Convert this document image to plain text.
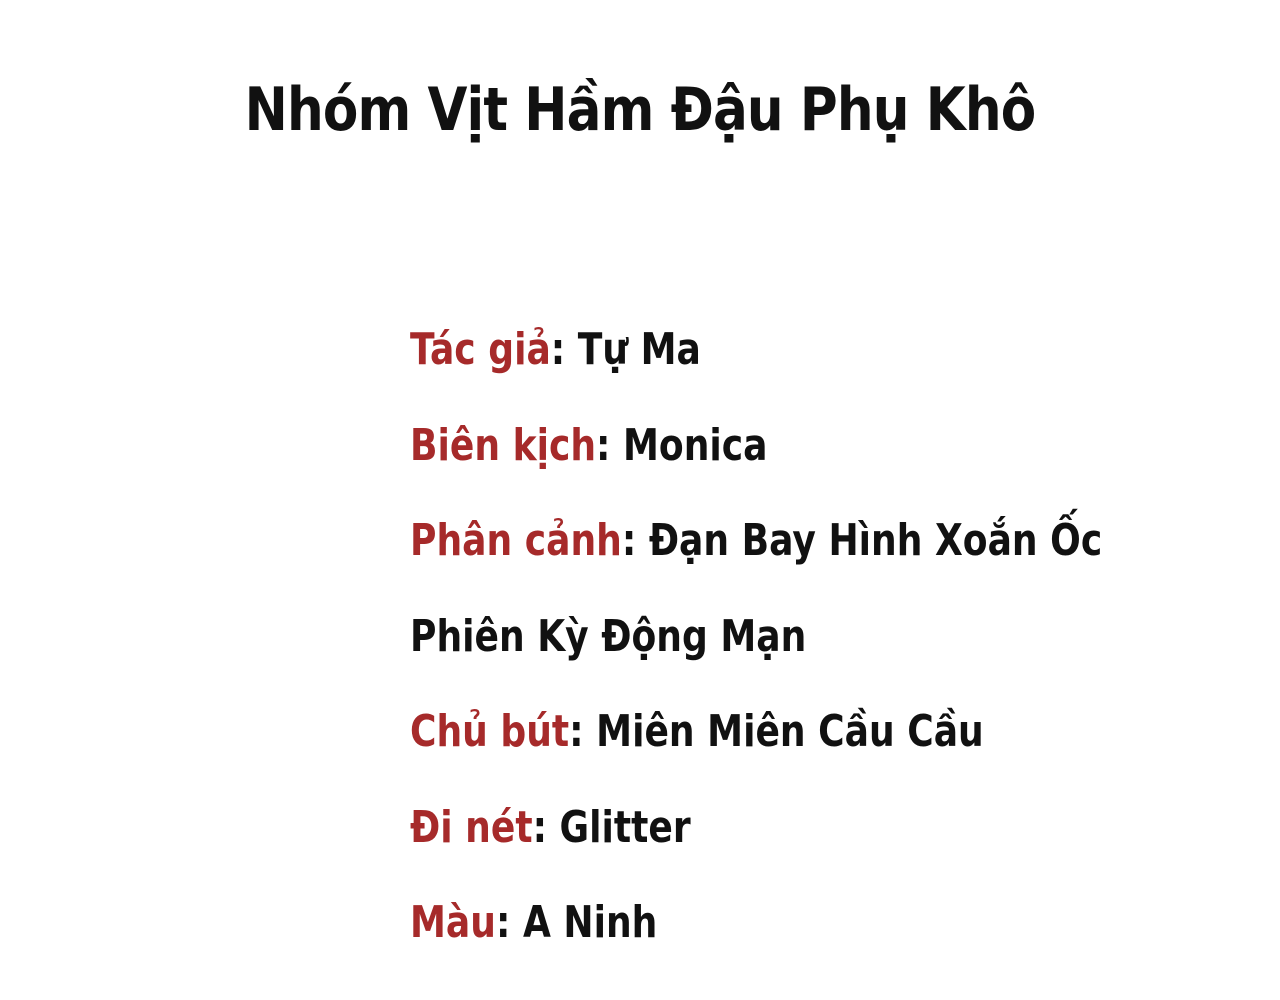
Nhóm Vịt Hầm Đậu Phụ Khô
Tác giả: Tự Ma
Biên kịch: Monica
Phân cảnh: Đạn Bay Hình Xoắn Ốc
Phiên Kỳ Động Mạn
Chủ bút: Miên Miên Cầu Cầu
Đi nét: Glitter
Màu: A Ninh
